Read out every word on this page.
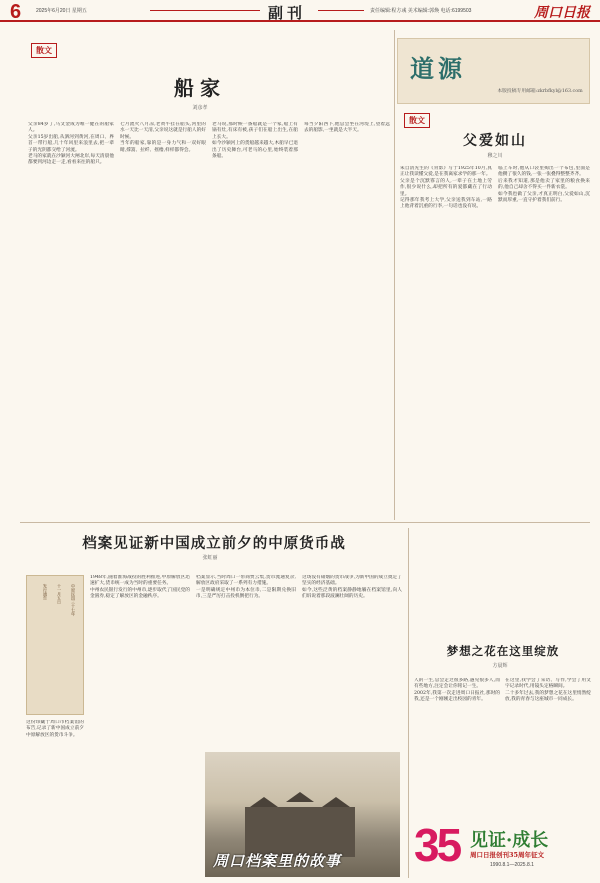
6	2025年6月20日 星期五	副刊	责任编辑:程方彧 美术编辑:郭焕 电话:6199503	周口日报
散文
船家
刘彦孝

父亲84岁了,马文金成为唯一健在的船家人。

父亲15岁出船,从泗河到黄河,在周口、界首一带行船,几十年风里来浪里去,把一辈子的光阴都交给了河流。

老马的家就在沙颍河大闸北岸,每天清晨他都要到河边走一走,看看来往的船只。

七月流火八月凉,老黄牛挂在船头,河里的水一天比一天清,父亲说这就是行船人的好时候。

当年的船家,靠的是一身力气和一双好眼睛,撑篙、拉纤、摇橹,样样都得会。

老马说,那时候一条船就是一个家,船上有锅有灶,有床有被,孩子们在船上出生,在船上长大。

如今沙颍河上的货船越来越大,木船早已退出了历史舞台,可老马的心里,始终装着那条船。

每当夕阳西下,他总会坐在河堤上,望着远去的船影,一坐就是大半天。

道源
本版投稿专用邮箱:zkrbfkyl@163.com
散文
父爱如山
穆之川

朱自清先生的《背影》写于1925年10月,真正让我读懂父爱,是在我离家求学的那一年。

父亲是个沉默寡言的人,一辈子在土地上劳作,很少说什么,却把所有的爱都藏在了行动里。

记得那年我考上大学,父亲送我到车站,一路上他背着沉重的行李,一句话也没有说。

临上车时,他从口袋里掏出一个布包,里面是他攒了很久的钱,一张一张叠得整整齐齐。

后来我才知道,那是他卖了家里的粮食换来的,他自己却舍不得买一件新衣裳。

如今我也做了父亲,才真正明白,父爱如山,沉默而厚重,一直守护着我们前行。

档案见证新中国成立前夕的中原货币战
张虹丽
中原民国三十七年
十一月五日
发行通告

这份珍藏于周口市档案馆的布告,记录了新中国成立前夕中原解放区的货币斗争。

1948年,随着淮海战役的胜利推进,中原解放区迅速扩大,货币统一成为当时的重要任务。

中州农民银行发行的中州币,逐步取代了国民党的金圆券,稳定了解放区的金融秩序。

档案显示,当时周口一带商贾云集,货币流通复杂,解放区政府采取了一系列有力措施。

一是明确规定中州币为本位币,二是限期兑换旧币,三是严厉打击投机倒把行为。

这场没有硝烟的货币战争,为新中国的成立奠定了坚实的经济基础。

如今,这些泛黄的档案静静地躺在档案馆里,向人们诉说着那段波澜壮阔的历史。

周口档案里的故事
梦想之花在这里绽放
方晨辉

人的一生,总会走过很多路,遇见很多人,而有些地方,注定会让你铭记一生。

2002年,我第一次走进周口日报社,那时的我,还是一个刚刚走出校园的青年。

在这里,我学会了采访、写作,学会了用文字记录时代,用镜头定格瞬间。

二十多年过去,我的梦想之花在这里悄然绽放,我的青春与这座城市一同成长。

35 见证·成长
周口日报创刊35周年征文
1990.8.1—2025.8.1
